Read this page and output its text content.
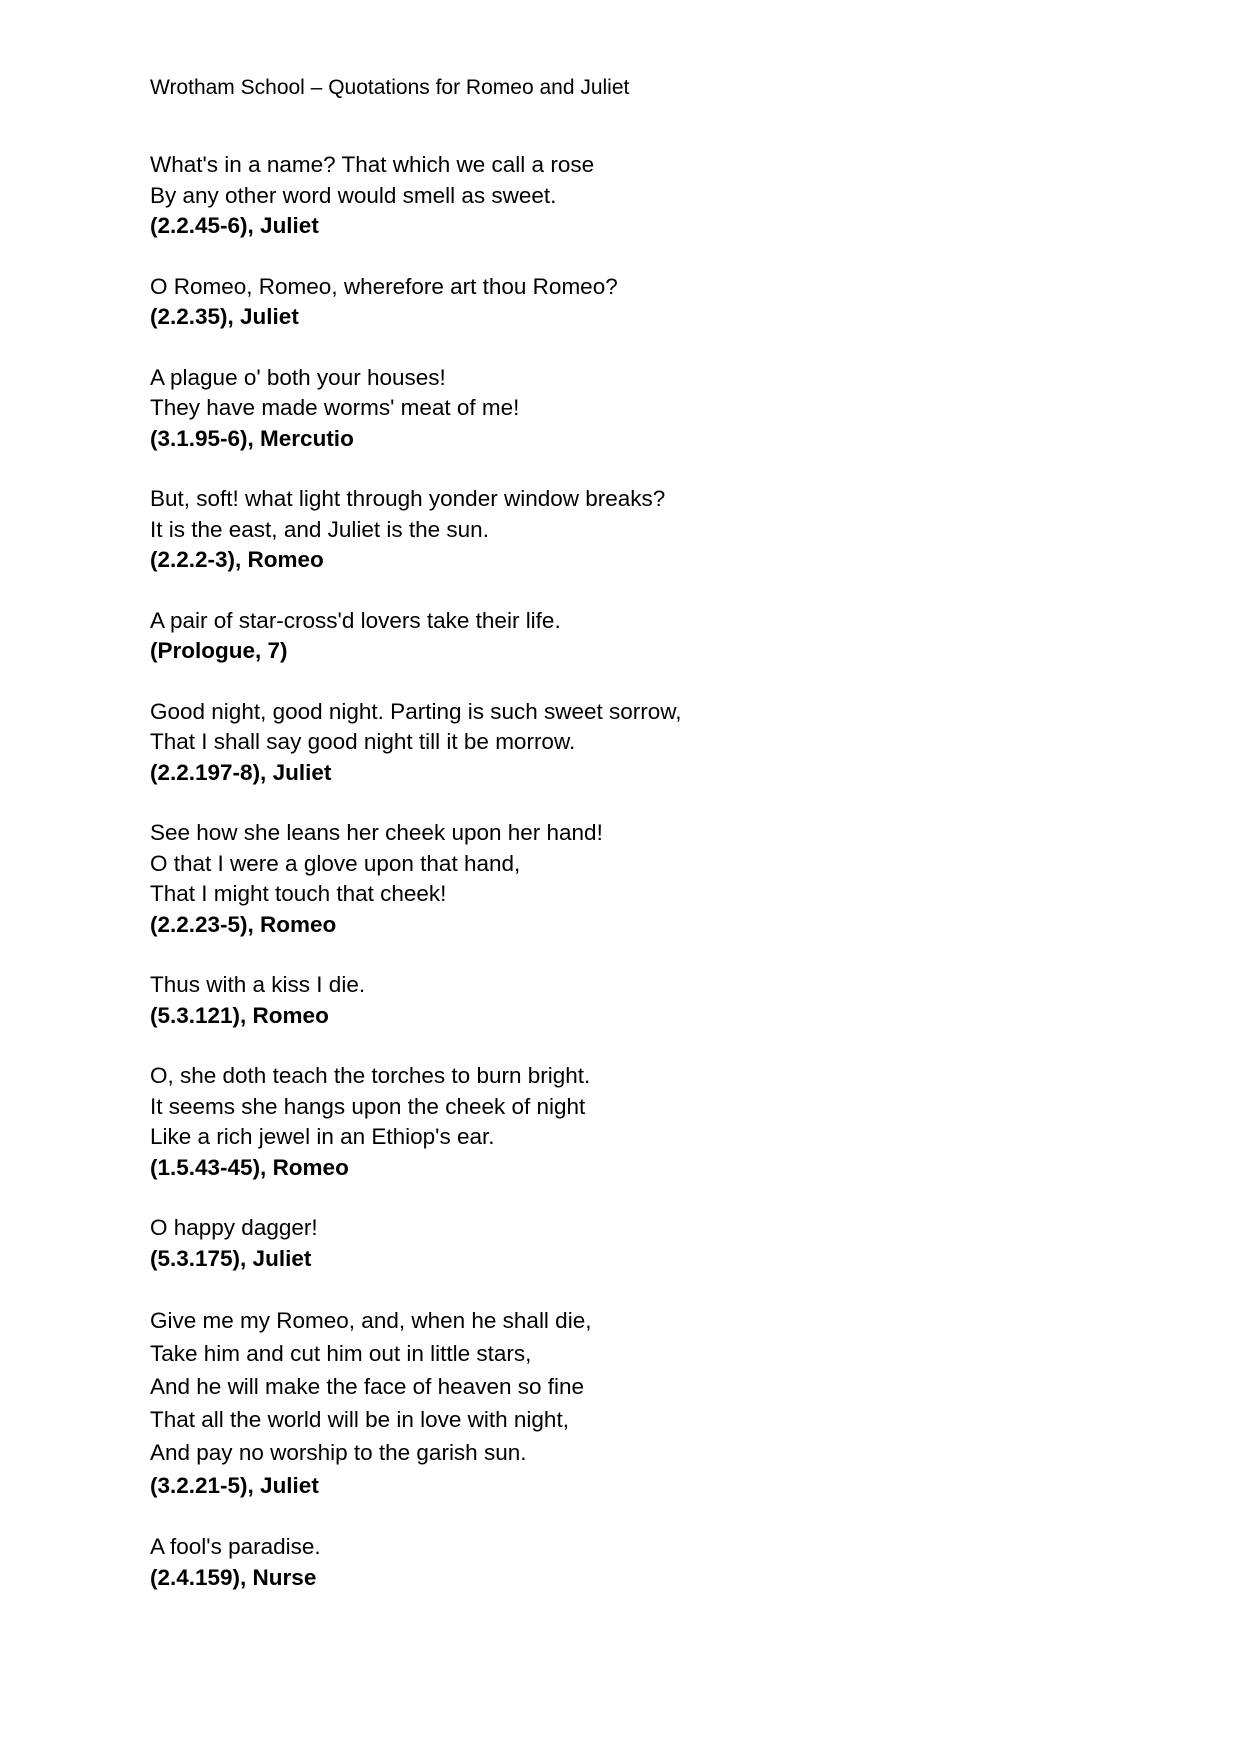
Wrotham School – Quotations for Romeo and Juliet
What's in a name? That which we call a rose
By any other word would smell as sweet.
(2.2.45-6), Juliet
O Romeo, Romeo, wherefore art thou Romeo?
(2.2.35), Juliet
A plague o' both your houses!
They have made worms' meat of me!
(3.1.95-6), Mercutio
But, soft! what light through yonder window breaks?
It is the east, and Juliet is the sun.
(2.2.2-3), Romeo
A pair of star-cross'd lovers take their life.
(Prologue, 7)
Good night, good night. Parting is such sweet sorrow,
That I shall say good night till it be morrow.
(2.2.197-8), Juliet
See how she leans her cheek upon her hand!
O that I were a glove upon that hand,
That I might touch that cheek!
(2.2.23-5), Romeo
Thus with a kiss I die.
(5.3.121), Romeo
O, she doth teach the torches to burn bright.
It seems she hangs upon the cheek of night
Like a rich jewel in an Ethiop's ear.
(1.5.43-45), Romeo
O happy dagger!
(5.3.175), Juliet
Give me my Romeo, and, when he shall die,
Take him and cut him out in little stars,
And he will make the face of heaven so fine
That all the world will be in love with night,
And pay no worship to the garish sun.
(3.2.21-5), Juliet
A fool's paradise.
(2.4.159), Nurse
